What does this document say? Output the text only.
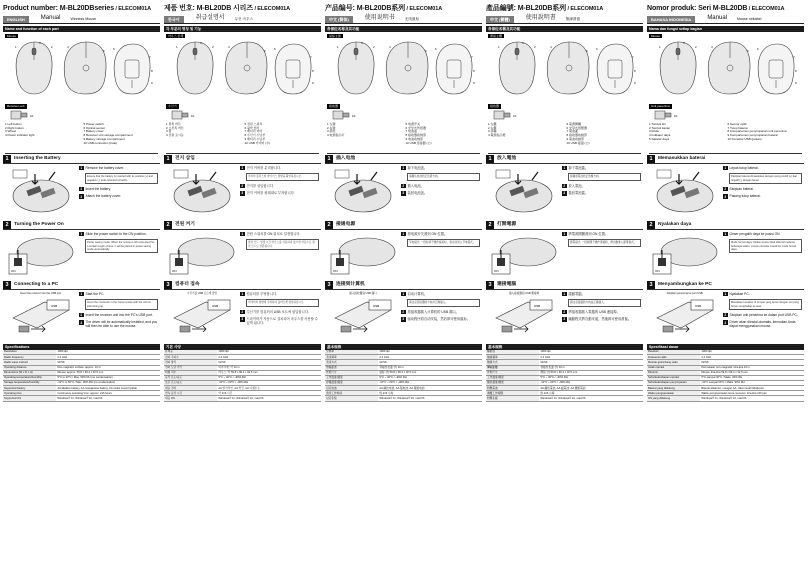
Product number: M-BL20DBseries / ELECOM01A
ENGLISH	Manual	Wireless Mouse
Name and function of each part
Mouse
1	2
3
4
5	6
7
8
9
Receiver unit
10
1 Left button
2 Right button
3 Wheel
4 Power indicator light
5 Power switch
6 Optical sensor
7 Battery cover
8 Receiver unit storage compartment
9 Battery storage compartment
10 USB connector (male)
1	Inserting the Battery
1	Remove the battery cover.
Ensure that the battery is inserted with its positive (+) and negative (-) ends oriented correctly.
2	Insert the battery.
3	Attach the battery cover.
2	Turning the Power On
ON
1	Slide the power switch to the ON position.
Power saving mode: When the mouse is left untouched for a certain length of time, it will be placed in power saving mode automatically.
3	Connecting to a PC
Insert the receiver into the USB port.
USB
1	Start the PC.
Insert the connector in the correct place with the correct side facing up.
2	Insert the receiver unit into the PC's USB port.
3	The driver will be automatically installed, and you will then be able to use the mouse.
Specifications
Resolution	1000 dpi
Radio frequency	2.4 GHz
Radio wave method	GFSK
Operating distance	Non-magnetic surface: approx. 10 m
Dimensions (W x D x H)	Mouse: approx. 59.8 x 99.4 x 32.5 mm
Operating temperature/humidity	5°C to 40°C / Max. 90% RH (no condensation)
Storage temperature/humidity	-10°C to 60°C / Max. 90% RH (no condensation)
Supported battery	AA alkaline battery, AA manganese battery, AA nickel metal hydride
Operating time	Continuous operating time: approx. 216 hours
Supported OS	Windows® 11, Windows® 10, macOS
제품 번호: M-BL20DB 시리즈 / ELECOM01A
한국어	취급설명서	무선 마우스
각 부분의 명칭 및 기능
마우스 본체
1	2
3
4
5	6
7
8
9
수신기
10
1 왼쪽 버튼
2 오른쪽 버튼
3 휠
4 전원 표시등
5 전원 스위치
6 광학 센서
7 배터리 커버
8 수신기 수납부
9 배터리 수납부
10 USB 커넥터 (수)
1	전지 삽입
1	전지 커버를 분리합니다.
전지의 플러스와 마이너스 방향을 확인하십시오.
2	전지를 삽입합니다.
3	전지 커버를 원래대로 부착합니다.
2	전원 켜기
ON
1	전원 스위치를 ON 위치로 설정합니다.
절전 모드: 일정 시간 마우스를 사용하지 않으면 자동으로 절전 모드로 전환됩니다.
3	컴퓨터 접속
수신기를 USB 포트에 삽입
USB
1	컴퓨터를 부팅합니다.
커넥터의 방향에 주의하여 올바르게 삽입하십시오.
2	수신기를 컴퓨터의 USB 포트에 삽입합니다.
3	드라이버가 자동으로 설치되어 마우스를 사용할 수 있게 됩니다.
기본 사양
분해능	1000 dpi
전파 주파수	2.4 GHz
전파 방식	GFSK
전파 도달 거리	비자성체: 약 10 m
외형 치수	마우스: 약 59.8 x 99.4 x 32.5 mm
동작 온도/습도	5°C ~ 40°C / ~90% RH
보존 온도/습도	-10°C ~ 60°C / ~90% RH
대응 전지	AA 알카라인, AA 망간, AA 니켈수소
연속 동작 시간	약 216 시간
대응 OS	Windows® 11, Windows® 10, macOS
产品编号: M-BL20DB系列 / ELECOM01A
中文 (简体)	使用说明书	无线鼠标
各部位名称及其功能
鼠标主体
1	2
3
4
5	6
7
8
9
接收器
10
1 左键
2 右键
3 滚轮
4 电源指示灯
5 电源开关
6 光学式传感器
7 电池盖
8 接收器收纳部
9 电池收纳部
10 USB 连接器 (公)
1	插入电池
1	拆下电池盖。
请确认电池的正负极方向。
2	插入电池。
3	装回电池盖。
2	接通电源
ON
1	将电源开关滑到 ON 位置。
节电模式: 一段时间不操作鼠标时，将自动进入节电模式。
3	连接到计算机
插入接收器到 USB 端口
USB
1	启动计算机。
请注意连接器的方向并正确插入。
2	将接收器插入计算机的 USB 端口。
3	驱动程序将自动安装，然后即可使用鼠标。
基本规格
分辨率	1000 dpi
无线频率	2.4 GHz
无线方式	GFSK
传输距离	非磁性表面: 约 10 m
外形尺寸	鼠标: 约 59.8 x 99.4 x 32.5 mm
工作温度/湿度	5°C ~ 40°C / ~90% RH
存储温度/湿度	-10°C ~ 60°C / ~90% RH
对应电池	AA 碱性电池, AA 锰电池, AA 镍氢电池
连续工作时间	约 216 小时
对应系统	Windows® 11, Windows® 10, macOS
產品編號: M-BL20DB系列 / ELECOM01A
中文 (繁體)	使用說明書	無線滑鼠
各部位名稱及其功能
滑鼠主體
1	2
3
4
5	6
7
8
9
接收器
10
1 左鍵
2 右鍵
3 滾輪
4 電源指示燈
5 電源開關
6 光學式感應器
7 電池蓋
8 接收器收納部
9 電池收納部
10 USB 接頭 (公)
1	放入電池
1	拆下電池蓋。
請確認電池的正負極方向。
2	放入電池。
3	裝回電池蓋。
2	打開電源
ON
1	將電源開關滑到 ON 位置。
節電模式: 一段時間不操作滑鼠時，將自動進入節電模式。
3	連接電腦
插入接收器到 USB 連接埠
USB
1	啟動電腦。
請注意接頭的方向並正確插入。
2	將接收器插入電腦的 USB 連接埠。
3	驅動程式將自動安裝，然後即可使用滑鼠。
基本規格
解析度	1000 dpi
無線頻率	2.4 GHz
無線方式	GFSK
傳輸距離	非磁性表面: 約 10 m
外形尺寸	滑鼠: 約 59.8 x 99.4 x 32.5 mm
工作溫度/濕度	5°C ~ 40°C / ~90% RH
儲存溫度/濕度	-10°C ~ 60°C / ~90% RH
對應電池	AA 鹼性電池, AA 錳電池, AA 鎳氫電池
連續工作時間	約 216 小時
對應系統	Windows® 11, Windows® 10, macOS
Nomor produk: Seri M-BL20DB / ELECOM01A
BAHASA INDONESIA	Manual	Mouse nirkabel
Nama dan fungsi setiap bagian
Mouse
1	2
3
4
5	6
7
8
9
Unit penerima
10
1 Tombol kiri
2 Tombol kanan
3 Roda
4 Indikator daya
5 Sakelar daya
6 Sensor optik
7 Tutup baterai
8 Kompartemen penyimpanan unit penerima
9 Kompartemen penyimpanan baterai
10 Konektor USB (jantan)
1	Memasukkan baterai
1	Lepas tutup baterai.
Pastikan baterai dimasukkan dengan ujung positif (+) dan negatif (-) dengan benar.
2	Sisipkan baterai.
3	Pasang tutup baterai.
2	Nyalakan daya
ON
1	Geser pengalih daya ke posisi ON.
Mode hemat daya: Ketika mouse tidak disentuh selama beberapa waktu, mouse otomatis masuk ke mode hemat daya.
3	Menyambungkan ke PC
Sisipkan penerima ke port USB.
USB
1	Nyalakan PC.
Masukkan konektor di tempat yang benar dengan sisi yang benar menghadap ke atas.
2	Sisipkan unit penerima ke dalam port USB PC.
3	Driver akan diinstal otomatis, kemudian Anda dapat menggunakan mouse.
Spesifikasi dasar
Resolusi	1000 dpi
Frekuensi radio	2,4 GHz
Metode gelombang radio	GFSK
Jarak operasi	Permukaan non-magnetik: kira-kira 10 m
Dimensi	Mouse: kira-kira 59,8 x 99,4 x 32,5 mm
Suhu/kelembapan operasi	5°C sampai 40°C / Maks. 90% RH
Suhu/kelembapan penyimpanan	-10°C sampai 60°C / Maks. 90% RH
Baterai yang didukung	Baterai alkali AA, mangan AA, nikel-metal hidrida AA
Waktu pengoperasian	Waktu pengoperasian terus-menerus: kira-kira 216 jam
OS yang didukung	Windows® 11, Windows® 10, macOS
